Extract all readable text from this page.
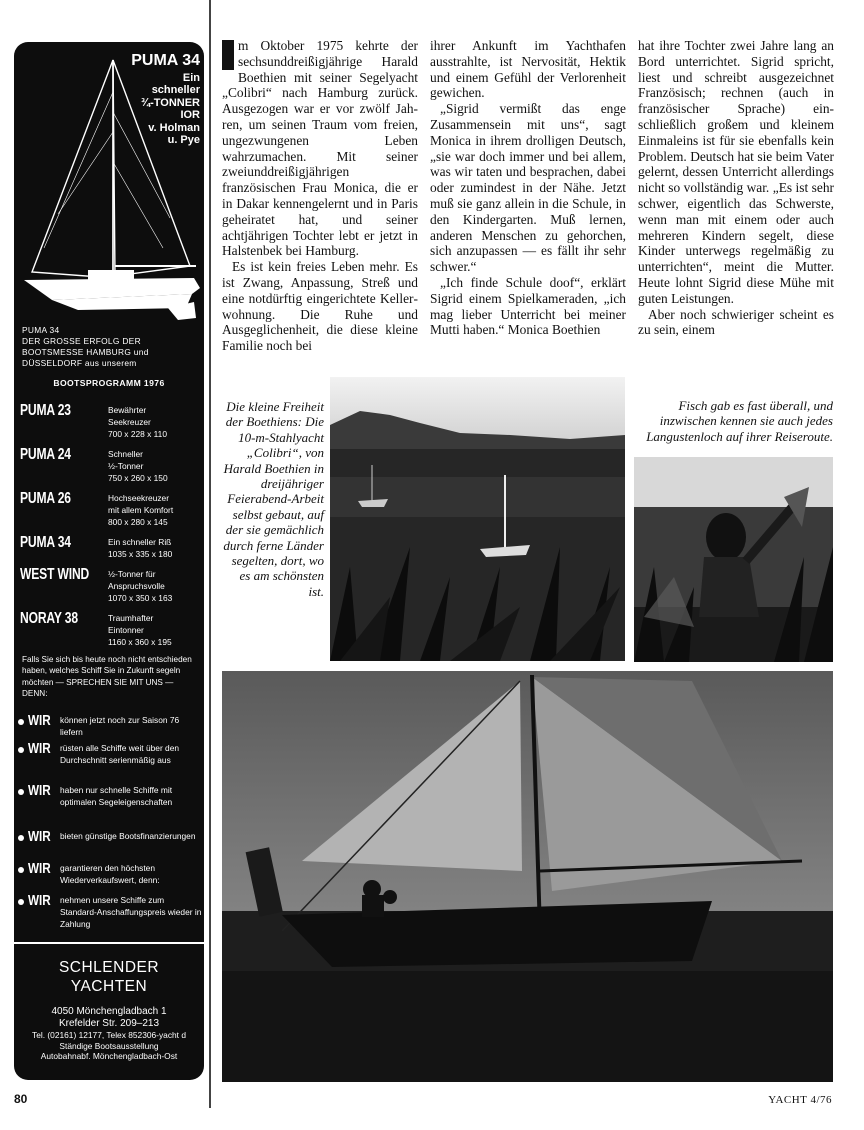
PUMA 34
Ein
schneller
¾-TONNER
IOR
v. Holman
u. Pye
PUMA 34
DER GROSSE ERFOLG DER
BOOTSMESSE HAMBURG und
DÜSSELDORF aus unserem
BOOTSPROGRAMM 1976
PUMA 23	Bewährter
Seekreuzer
700 x 228 x 110
PUMA 24	Schneller
½-Tonner
750 x 260 x 150
PUMA 26	Hochseekreuzer
mit allem Komfort
800 x 280 x 145
PUMA 34	Ein schneller Riß
1035 x 335 x 180
WEST WIND ½-Tonner für
Anspruchsvolle
1070 x 350 x 163
NORAY 38	Traumhafter
Eintonner
1160 x 360 x 195
Falls Sie sich bis heute noch nicht entschieden haben, welches Schiff Sie in Zukunft segeln möchten — SPRECHEN SIE MIT UNS — DENN:
WIR können jetzt noch zur Saison 76 liefern
WIR rüsten alle Schiffe weit über den Durchschnitt serienmäßig aus
WIR haben nur schnelle Schiffe mit optimalen Segeleigenschaften
WIR bieten günstige Bootsfinanzierungen
WIR garantieren den höchsten Wiederverkaufswert, denn:
WIR nehmen unsere Schiffe zum Standard-Anschaffungspreis wieder in Zahlung
SCHLENDER
YACHTEN
4050 Mönchengladbach 1
Krefelder Str. 209–213
Tel. (02161) 12177, Telex 852306-yacht d
Ständige Bootsausstellung
Autobahnabf. Mönchengladbach-Ost

m Oktober 1975 kehrte der sechsunddreißigjährige Harald Boethien mit seiner Segelyacht „Colibri“ nach Hamburg zurück. Ausgezogen war er vor zwölf Jahren, um seinen Traum vom freien, ungezwungenen Leben wahrzumachen. Mit seiner zweiunddreißigjährigen französischen Frau Monica, die er in Dakar kennengelernt und in Paris geheiratet hat, und seiner achtjährigen Tochter lebt er jetzt in Halstenbek bei Hamburg.

Es ist kein freies Leben mehr. Es ist Zwang, Anpassung, Streß und eine notdürftig eingerichtete Kellerwohnung. Die Ruhe und Ausgeglichenheit, die diese kleine Familie noch bei

ihrer Ankunft im Yachthafen ausstrahlte, ist Nervosität, Hektik und einem Gefühl der Verlorenheit gewichen.

„Sigrid vermißt das enge Zusammensein mit uns“, sagt Monica in ihrem drolligen Deutsch, „sie war doch immer und bei allem, was wir taten und besprachen, dabei oder zumindest in der Nähe. Jetzt muß sie ganz allein in die Schule, in den Kindergarten. Muß lernen, anderen Menschen zu gehorchen, sich anzupassen — es fällt ihr sehr schwer.“

„Ich finde Schule doof“, erklärt Sigrid einem Spielkameraden, „ich mag lieber Unterricht bei meiner Mutti haben.“ Monica Boethien

hat ihre Tochter zwei Jahre lang an Bord unterrichtet. Sigrid spricht, liest und schreibt ausgezeichnet Französisch; rechnen (auch in französischer Sprache) einschließlich großem und kleinem Einmaleins ist für sie ebenfalls kein Problem. Deutsch hat sie beim Vater gelernt, dessen Unterricht allerdings nicht so vollständig war. „Es ist sehr schwer, eigentlich das Schwerste, wenn man mit einem oder auch mehreren Kindern segelt, diese Kinder unterwegs regelmäßig zu unterrichten“, meint die Mutter. Heute lohnt Sigrid diese Mühe mit guten Leistungen.

Aber noch schwieriger scheint es zu sein, einem

Die kleine Freiheit der Boethiens: Die 10-m-Stahlyacht „Colibri“, von Harald Boethien in dreijähriger Feierabend-Arbeit selbst gebaut, auf der sie gemächlich durch ferne Länder segelten, dort, wo es am schönsten ist.
Fisch gab es fast überall, und inzwischen kennen sie auch jedes Langustenloch auf ihrer Reiseroute.
80	YACHT 4/76
